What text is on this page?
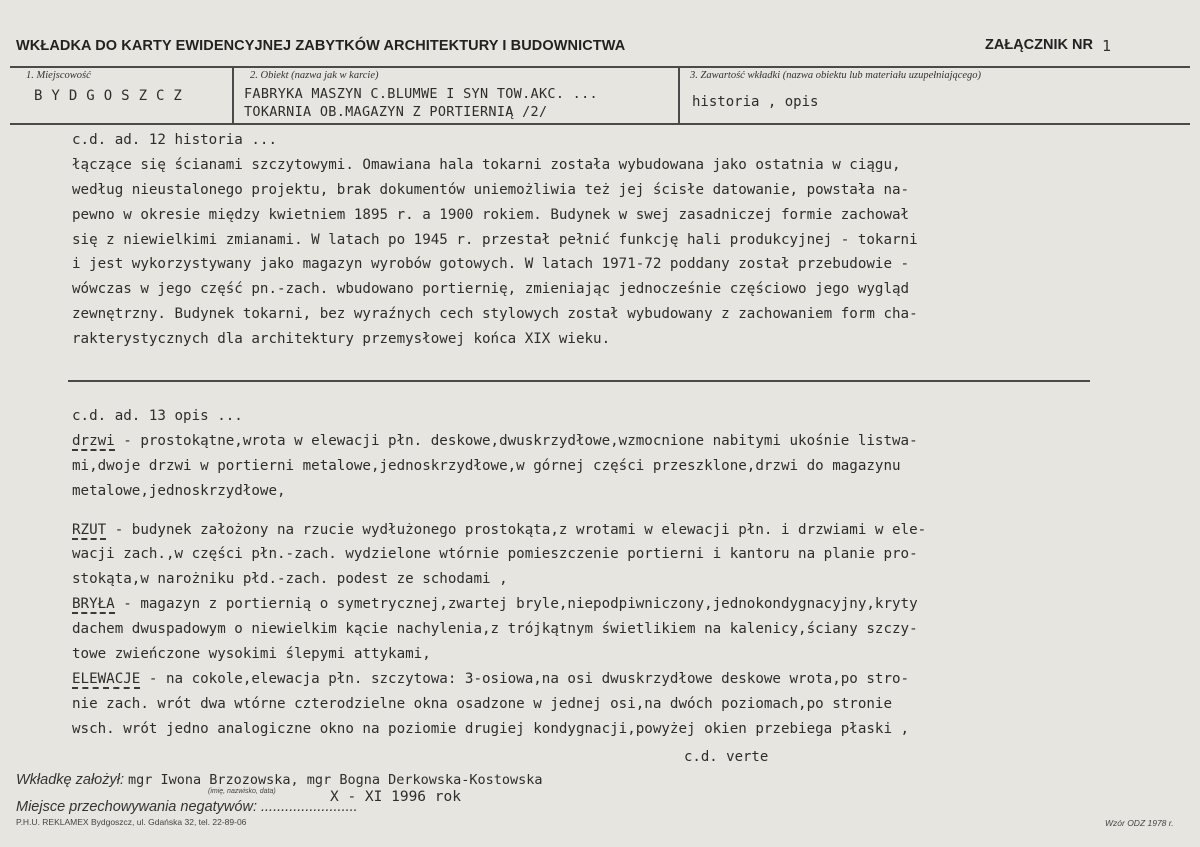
WKŁADKA DO KARTY EWIDENCYJNEJ ZABYTKÓW ARCHITEKTURY I BUDOWNICTWA	ZAŁĄCZNIK NR 1
1. Miejscowość
BYDGOSZCZ
2. Obiekt (nazwa jak w karcie)
FABRYKA MASZYN C.BLUMWE I SYN TOW.AKC. ...
TOKARNIA OB.MAGAZYN Z PORTIERNIĄ /2/
3. Zawartość wkładki (nazwa obiektu lub materiału uzupełniającego)
historia , opis
c.d. ad. 12 historia ...
łączące się ścianami szczytowymi. Omawiana hala tokarni została wybudowana jako ostatnia w ciągu,
według nieustalonego projektu, brak dokumentów uniemożliwia też jej ścisłe datowanie, powstała na-
pewno w okresie między kwietniem 1895 r. a 1900 rokiem. Budynek w swej zasadniczej formie zachował
się z niewielkimi zmianami. W latach po 1945 r. przestał pełnić funkcję hali produkcyjnej - tokarni
i jest wykorzystywany jako magazyn wyrobów gotowych. W latach 1971-72 poddany został przebudowie -
wówczas w jego część pn.-zach. wbudowano portiernię, zmieniając jednocześnie częściowo jego wygląd
zewnętrzny. Budynek tokarni, bez wyraźnych cech stylowych został wybudowany z zachowaniem form cha-
rakterystycznych dla architektury przemysłowej końca XIX wieku.
c.d. ad. 13 opis ...
drzwi - prostokątne,wrota w elewacji płn. deskowe,dwuskrzydłowe,wzmocnione nabitymi ukośnie listwa-
mi,dwoje drzwi w portierni metalowe,jednoskrzydłowe,w górnej części przeszklone,drzwi do magazynu
metalowe,jednoskrzydłowe,
RZUT - budynek założony na rzucie wydłużonego prostokąta,z wrotami w elewacji płn. i drzwiami w ele-
wacji zach.,w części płn.-zach. wydzielone wtórnie pomieszczenie portierni i kantoru na planie pro-
stokąta,w narożniku płd.-zach. podest ze schodami ,
BRYŁA - magazyn z portiernią o symetrycznej,zwartej bryle,niepodpiwniczony,jednokondygnacyjny,kryty
dachem dwuspadowym o niewielkim kącie nachylenia,z trójkątnym świetlikiem na kalenicy,ściany szczy-
towe zwieńczone wysokimi ślepymi attykami,
ELEWACJE - na cokole,elewacja płn. szczytowa: 3-osiowa,na osi dwuskrzydłowe deskowe wrota,po stro-
nie zach. wrót dwa wtórne czterodzielne okna osadzone w jednej osi,na dwóch poziomach,po stronie
wsch. wrót jedno analogiczne okno na poziomie drugiej kondygnacji,powyżej okien przebiega płaski ,
c.d. verte
Wkładkę założył: mgr Iwona Brzozowska, mgr Bogna Derkowska-Kostowska
(imię, nazwisko, data)	X - XI 1996 rok
Miejsce przechowywania negatywów: ........................
P.H.U. REKLAMEX Bydgoszcz, ul. Gdańska 32, tel. 22-89-06	Wzór ODZ 1978 r.
